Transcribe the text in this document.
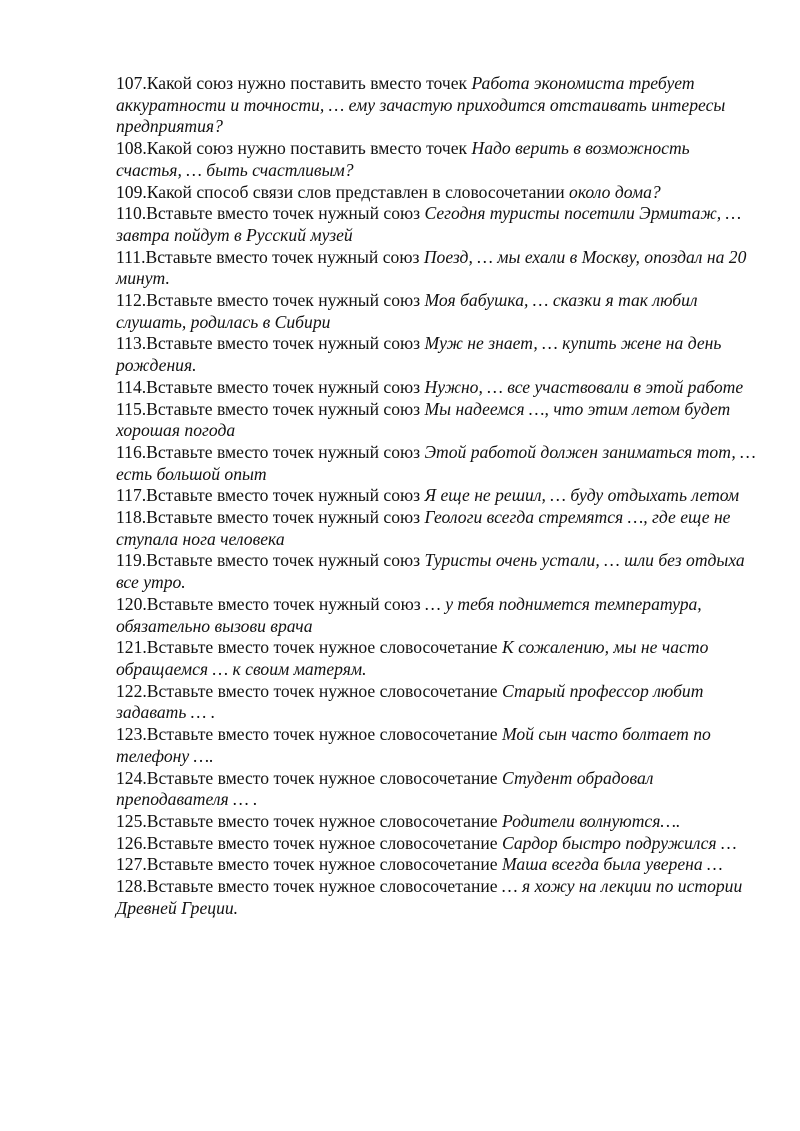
107.Какой союз нужно поставить вместо точек Работа экономиста требует аккуратности и точности, … ему зачастую приходится отстаивать интересы предприятия?

108.Какой союз нужно поставить вместо точек Надо верить в возможность счастья, … быть счастливым?

109.Какой способ связи слов представлен в словосочетании около дома?

110.Вставьте вместо точек нужный союз Сегодня туристы посетили Эрмитаж, … завтра пойдут в Русский музей

111.Вставьте вместо точек нужный союз Поезд, … мы ехали в Москву, опоздал на 20 минут.

112.Вставьте вместо точек нужный союз Моя бабушка, … сказки я так любил слушать, родилась в Сибири

113.Вставьте вместо точек нужный союз Муж не знает, … купить жене на день рождения.

114.Вставьте вместо точек нужный союз Нужно, … все участвовали в этой работе

115.Вставьте вместо точек нужный союз Мы надеемся …, что этим летом будет хорошая погода

116.Вставьте вместо точек нужный союз Этой работой должен заниматься тот, … есть большой опыт

117.Вставьте вместо точек нужный союз Я еще не решил, … буду отдыхать летом

118.Вставьте вместо точек нужный союз Геологи всегда стремятся …, где еще не ступала нога человека

119.Вставьте вместо точек нужный союз Туристы очень устали, … шли без отдыха все утро.

120.Вставьте вместо точек нужный союз … у тебя поднимется температура, обязательно вызови врача

121.Вставьте вместо точек нужное словосочетание К сожалению, мы не часто обращаемся … к своим матерям.

122.Вставьте вместо точек нужное словосочетание Старый профессор любит задавать … .

123.Вставьте вместо точек нужное словосочетание Мой сын часто болтает по телефону ….

124.Вставьте вместо точек нужное словосочетание Студент обрадовал преподавателя … .

125.Вставьте вместо точек нужное словосочетание Родители волнуются….

126.Вставьте вместо точек нужное словосочетание Сардор быстро подружился …

127.Вставьте вместо точек нужное словосочетание Маша всегда была уверена …

128.Вставьте вместо точек нужное словосочетание … я хожу на лекции по истории Древней Греции.
